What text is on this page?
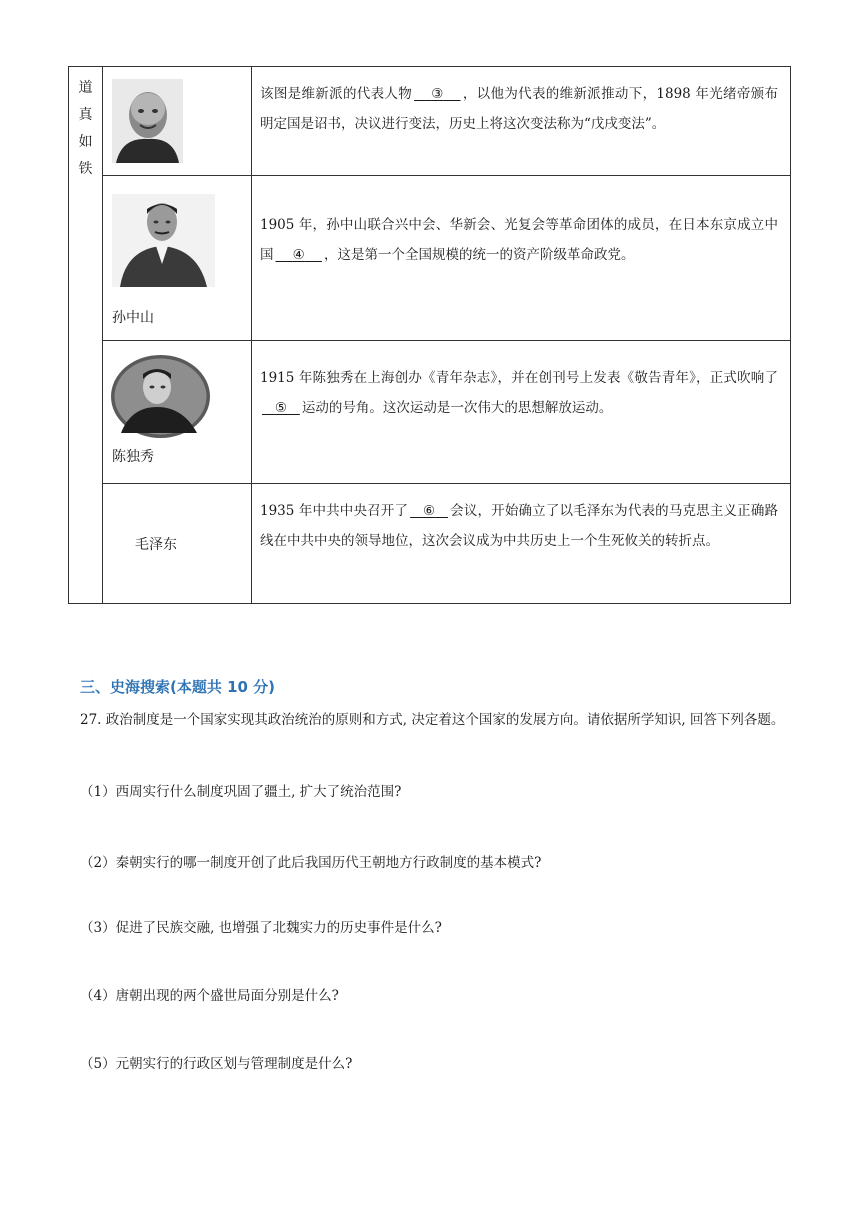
道
真
如
铁		该图是维新派的代表人物 ③ ，以他为代表的维新派推动下，1898 年光绪帝颁布明定国是诏书，决议进行变法，历史上将这次变法称为“戊戌变法”。

	孙中山	1905 年，孙中山联合兴中会、华新会、光复会等革命团体的成员，在日本东京成立中国 ④ ，这是第一个全国规模的统一的资产阶级革命政党。

	陈独秀	1915 年陈独秀在上海创办《青年杂志》，并在创刊号上发表《敬告青年》，正式吹响了   ⑤ 运动的号角。这次运动是一次伟大的思想解放运动。

	毛泽东	1935 年中共中央召开了 ⑥ 会议，开始确立了以毛泽东为代表的马克思主义正确路线在中共中央的领导地位，这次会议成为中共历史上一个生死攸关的转折点。
三、史海搜索(本题共 10 分)
27. 政治制度是一个国家实现其政治统治的原则和方式, 决定着这个国家的发展方向。请依据所学知识, 回答下列各题。
（1）西周实行什么制度巩固了疆土, 扩大了统治范围?
（2）秦朝实行的哪一制度开创了此后我国历代王朝地方行政制度的基本模式?
（3）促进了民族交融, 也增强了北魏实力的历史事件是什么?
（4）唐朝出现的两个盛世局面分别是什么?
（5）元朝实行的行政区划与管理制度是什么?
